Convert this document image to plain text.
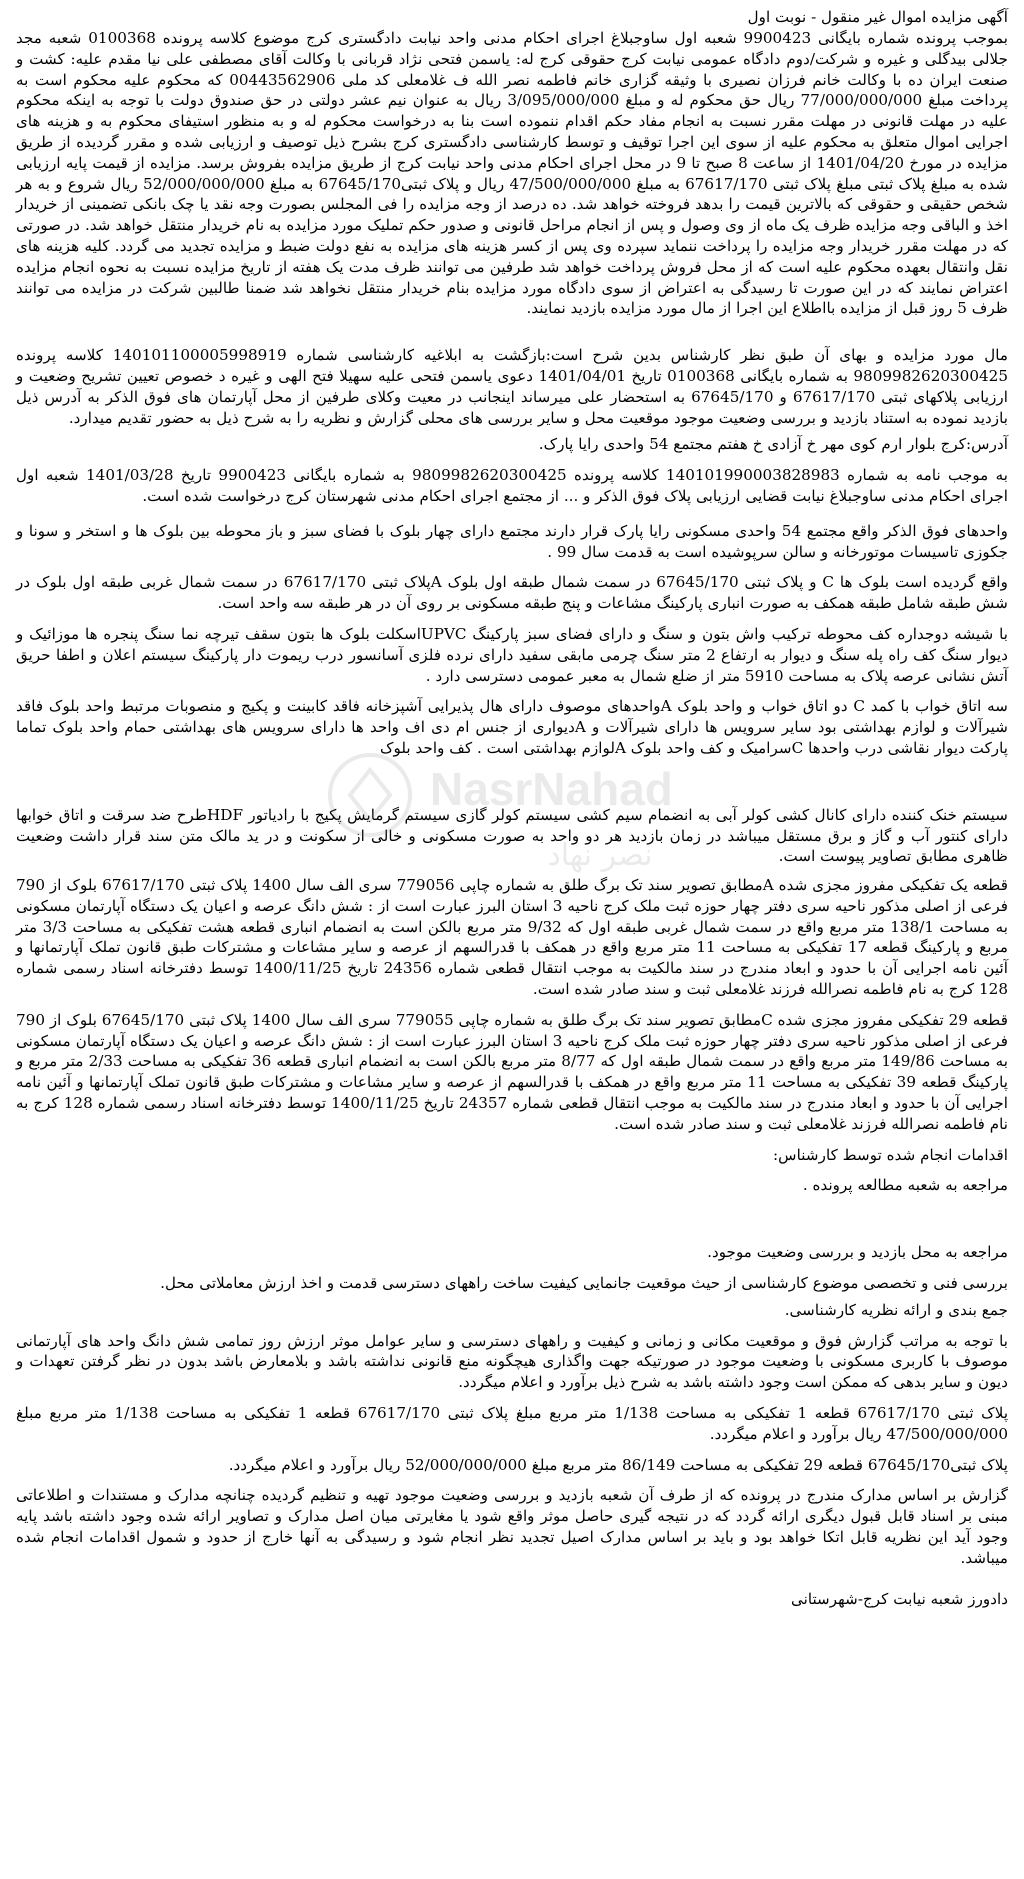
آگهی مزایده اموال غیر منقول - نوبت اول

بموجب پرونده شماره بایگانی 9900423 شعبه اول ساوجبلاغ اجرای احکام مدنی واحد نیابت دادگستری کرج موضوع کلاسه پرونده 0100368 شعبه مجد جلالی بیدگلی و غیره و شرکت/دوم دادگاه عمومی نیابت کرج حقوقی کرج له: یاسمن فتحی نژاد قربانی با وکالت آقای مصطفی علی نیا مقدم علیه: کشت و صنعت ایران ده با وکالت خانم فرزان نصیری با وثیقه گزاری خانم فاطمه نصر الله ف غلامعلی کد ملی 00443562906 که محکوم علیه محکوم است به پرداخت مبلغ 77/000/000/000 ریال حق محکوم له و مبلغ 3/095/000/000 ریال به عنوان نیم عشر دولتی در حق صندوق دولت با توجه به اینکه محکوم علیه در مهلت قانونی در مهلت مقرر نسبت به انجام مفاد حکم اقدام ننموده است بنا به درخواست محکوم له و به منظور استیفای محکوم به و هزینه های اجرایی اموال متعلق به محکوم علیه از سوی این اجرا توقیف و توسط کارشناسی دادگستری کرج بشرح ذیل توصیف و ارزیابی شده و مقرر گردیده از طریق مزایده در مورخ 1401/04/20 از ساعت 8 صبح تا 9 در محل اجرای احکام مدنی واحد نیابت کرج از طریق مزایده بفروش برسد. مزایده از قیمت پایه ارزیابی شده به مبلغ پلاک ثبتی مبلغ پلاک ثبتی 67617/170 به مبلغ 47/500/000/000 ریال و پلاک ثبتی67645/170 به مبلغ 52/000/000/000 ریال شروع و به هر شخص حقیقی و حقوقی که بالاترین قیمت را بدهد فروخته خواهد شد. ده درصد از وجه مزایده را فی المجلس بصورت وجه نقد یا چک بانکی تضمینی از خریدار اخذ و الباقی وجه مزایده ظرف یک ماه از وی وصول و پس از انجام مراحل قانونی و صدور حکم تملیک مورد مزایده به نام خریدار منتقل خواهد شد. در صورتی که در مهلت مقرر خریدار وجه مزایده را پرداخت ننماید سپرده وی پس از کسر هزینه های مزایده به نفع دولت ضبط و مزایده تجدید می گردد. کلیه هزینه های نقل وانتقال بعهده محکوم علیه است که از محل فروش پرداخت خواهد شد طرفین می توانند ظرف مدت یک هفته از تاریخ مزایده نسبت به نحوه انجام مزایده اعتراض نمایند که در این صورت تا رسیدگی به اعتراض از سوی دادگاه مورد مزایده بنام خریدار منتقل نخواهد شد ضمنا طالبین شرکت در مزایده می توانند ظرف 5 روز قبل از مزایده بااطلاع این اجرا از مال مورد مزایده بازدید نمایند.

مال مورد مزایده و بهای آن طبق نظر کارشناس بدین شرح است:بازگشت به ابلاغیه کارشناسی شماره 140101100005998919 کلاسه پرونده 9809982620300425 به شماره بایگانی 0100368 تاریخ 1401/04/01 دعوی یاسمن فتحی علیه سهیلا فتح الهی و غیره د خصوص تعیین تشریح وضعیت و ارزیابی پلاکهای ثبتی 67617/170 و 67645/170 به استحضار علی میرساند اینجانب در معیت وکلای طرفین از محل آپارتمان های فوق الذکر به آدرس ذیل بازدید نموده به استناد بازدید و بررسی وضعیت موجود موقعیت محل و سایر بررسی های محلی گزارش و نظریه را به شرح ذیل به حضور تقدیم میدارد.

آدرس:کرج بلوار ارم کوی مهر خ آزادی خ هفتم مجتمع 54 واحدی رایا پارک.

به موجب نامه به شماره 140101990003828983 کلاسه پرونده 9809982620300425 به شماره بایگانی 9900423 تاریخ 1401/03/28 شعبه اول اجرای احکام مدنی ساوجبلاغ نیابت قضایی ارزیابی پلاک فوق الذکر و ... از مجتمع اجرای احکام مدنی شهرستان کرج درخواست شده است.

واحدهای فوق الذکر واقع مجتمع 54 واحدی مسکونی رایا پارک قرار دارند مجتمع دارای چهار بلوک با فضای سبز و باز محوطه بین بلوک ها و استخر و سونا و جکوزی تاسیسات موتورخانه و سالن سرپوشیده است به قدمت سال 99 .

واقع گردیده است بلوک ها C و پلاک ثبتی 67645/170 در سمت شمال طبقه اول بلوک Aپلاک ثبتی 67617/170 در سمت شمال غربی طبقه اول بلوک در شش طبقه شامل طبقه همکف به صورت انباری پارکینگ مشاعات و پنج طبقه مسکونی بر روی آن در هر طبقه سه واحد است.

با شیشه دوجداره کف محوطه ترکیب واش بتون و سنگ و دارای فضای سبز پارکینگ UPVCاسکلت بلوک ها بتون سقف تیرچه نما سنگ پنجره ها موزائیک و دیوار سنگ کف راه پله سنگ و دیوار به ارتفاع 2 متر سنگ چرمی مابقی سفید دارای نرده فلزی آسانسور درب ریموت دار پارکینگ سیستم اعلان و اطفا حریق آتش نشانی عرصه پلاک به مساحت 5910 متر از ضلع شمال به معبر عمومی دسترسی دارد .

سه اتاق خواب با کمد C دو اتاق خواب و واحد بلوک Aواحدهای موصوف دارای هال پذیرایی آشپزخانه فاقد کابینت و پکیج و منصوبات مرتبط واحد بلوک فاقد شیرآلات و لوازم بهداشتی بود سایر سرویس ها دارای شیرآلات و Aدیواری از جنس ام دی اف واحد ها دارای سرویس های بهداشتی حمام واحد بلوک تماما پارکت دیوار نقاشی درب واحدها Cسرامیک و کف واحد بلوک Aلوازم بهداشتی است . کف واحد بلوک

سیستم خنک کننده دارای کانال کشی کولر آبی به انضمام سیم کشی سیستم کولر گازی سیستم گرمایش پکیج با رادیاتور HDFطرح ضد سرقت و اتاق خوابها دارای کنتور آب و گاز و برق مستقل میباشد در زمان بازدید هر دو واحد به صورت مسکونی و خالی از سکونت و در ید مالک متن سند قرار داشت وضعیت ظاهری مطابق تصاویر پیوست است.

قطعه یک تفکیکی مفروز مجزی شده Aمطابق تصویر سند تک برگ طلق به شماره چاپی 779056 سری الف سال 1400 پلاک ثبتی 67617/170 بلوک از 790 فرعی از اصلی مذکور ناحیه سری دفتر چهار حوزه ثبت ملک کرج ناحیه 3 استان البرز عبارت است از : شش دانگ عرصه و اعیان یک دستگاه آپارتمان مسکونی به مساحت 138/1 متر مربع واقع در سمت شمال غربی طبقه اول که 9/32 متر مربع بالکن است به انضمام انباری قطعه هشت تفکیکی به مساحت 3/3 متر مربع و پارکینگ قطعه 17 تفکیکی به مساحت 11 متر مربع واقع در همکف با قدرالسهم از عرصه و سایر مشاعات و مشترکات طبق قانون تملک آپارتمانها و آئین نامه اجرایی آن با حدود و ابعاد مندرج در سند مالکیت به موجب انتقال قطعی شماره 24356 تاریخ 1400/11/25 توسط دفترخانه اسناد رسمی شماره 128 کرج به نام فاطمه نصرالله فرزند غلامعلی ثبت و سند صادر شده است.

قطعه 29 تفکیکی مفروز مجزی شده Cمطابق تصویر سند تک برگ طلق به شماره چاپی 779055 سری الف سال 1400 پلاک ثبتی 67645/170 بلوک از 790 فرعی از اصلی مذکور ناحیه سری دفتر چهار حوزه ثبت ملک کرج ناحیه 3 استان البرز عبارت است از : شش دانگ عرصه و اعیان یک دستگاه آپارتمان مسکونی به مساحت 149/86 متر مربع واقع در سمت شمال طبقه اول که 8/77 متر مربع بالکن است به انضمام انباری قطعه 36 تفکیکی به مساحت 2/33 متر مربع و پارکینگ قطعه 39 تفکیکی به مساحت 11 متر مربع واقع در همکف با قدرالسهم از عرصه و سایر مشاعات و مشترکات طبق قانون تملک آپارتمانها و آئین نامه اجرایی آن با حدود و ابعاد مندرج در سند مالکیت به موجب انتقال قطعی شماره 24357 تاریخ 1400/11/25 توسط دفترخانه اسناد رسمی شماره 128 کرج به نام فاطمه نصرالله فرزند غلامعلی ثبت و سند صادر شده است.

اقدامات انجام شده توسط کارشناس:

مراجعه به شعبه مطالعه پرونده .

مراجعه به محل بازدید و بررسی وضعیت موجود.

بررسی فنی و تخصصی موضوع کارشناسی از حیث موقعیت جانمایی کیفیت ساخت راههای دسترسی قدمت و اخذ ارزش معاملاتی محل.

جمع بندی و ارائه نظریه کارشناسی.

با توجه به مراتب گزارش فوق و موقعیت مکانی و زمانی و کیفیت و راههای دسترسی و سایر عوامل موثر ارزش روز تمامی شش دانگ واحد های آپارتمانی موصوف با کاربری مسکونی با وضعیت موجود در صورتیکه جهت واگذاری هیچگونه منع قانونی نداشته باشد و بلامعارض باشد بدون در نظر گرفتن تعهدات و دیون و سایر بدهی که ممکن است وجود داشته باشد به شرح ذیل برآورد و اعلام میگردد.

پلاک ثبتی 67617/170 قطعه 1 تفکیکی به مساحت 1/138 متر مربع مبلغ پلاک ثبتی 67617/170 قطعه 1 تفکیکی به مساحت 1/138 متر مربع مبلغ 47/500/000/000 ریال برآورد و اعلام میگردد.

پلاک ثبتی67645/170 قطعه 29 تفکیکی به مساحت 86/149 متر مربع مبلغ 52/000/000/000 ریال برآورد و اعلام میگردد.

گزارش بر اساس مدارک مندرج در پرونده که از طرف آن شعبه بازدید و بررسی وضعیت موجود تهیه و تنظیم گردیده چنانچه مدارک و مستندات و اطلاعاتی مبنی بر اسناد قابل قبول دیگری ارائه گردد که در نتیجه گیری حاصل موثر واقع شود یا مغایرتی میان اصل مدارک و تصاویر ارائه شده وجود داشته باشد پایه وجود آید این نظریه قابل اتکا خواهد بود و باید بر اساس مدارک اصیل تجدید نظر انجام شود و رسیدگی به آنها خارج از حدود و شمول اقدامات انجام شده میباشد.

دادورز شعبه نیابت کرج-شهرستانی

NasrNahad
نصر نهاد
